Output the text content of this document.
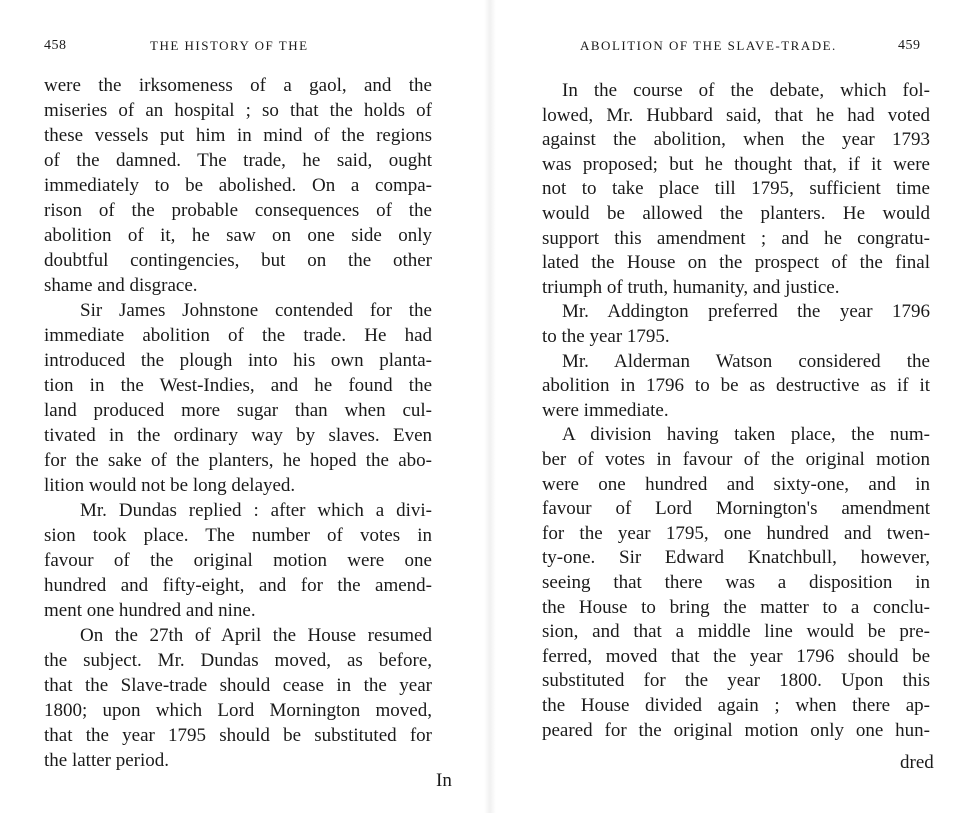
458	THE HISTORY OF THE
were the irksomeness of a gaol, and the
miseries of an hospital ; so that the holds of
these vessels put him in mind of the regions
of the damned. The trade, he said, ought
immediately to be abolished. On a compa-
rison of the probable consequences of the
abolition of it, he saw on one side only
doubtful contingencies, but on the other
shame and disgrace.
Sir James Johnstone contended for the
immediate abolition of the trade. He had
introduced the plough into his own planta-
tion in the West-Indies, and he found the
land produced more sugar than when cul-
tivated in the ordinary way by slaves. Even
for the sake of the planters, he hoped the abo-
lition would not be long delayed.
Mr. Dundas replied : after which a divi-
sion took place. The number of votes in
favour of the original motion were one
hundred and fifty-eight, and for the amend-
ment one hundred and nine.
On the 27th of April the House resumed
the subject. Mr. Dundas moved, as before,
that the Slave-trade should cease in the year
1800; upon which Lord Mornington moved,
that the year 1795 should be substituted for
the latter period.
In
ABOLITION OF THE SLAVE-TRADE.	459
In the course of the debate, which fol-
lowed, Mr. Hubbard said, that he had voted
against the abolition, when the year 1793
was proposed; but he thought that, if it were
not to take place till 1795, sufficient time
would be allowed the planters. He would
support this amendment ; and he congratu-
lated the House on the prospect of the final
triumph of truth, humanity, and justice.
Mr. Addington preferred the year 1796
to the year 1795.
Mr. Alderman Watson considered the
abolition in 1796 to be as destructive as if it
were immediate.
A division having taken place, the num-
ber of votes in favour of the original motion
were one hundred and sixty-one, and in
favour of Lord Mornington's amendment
for the year 1795, one hundred and twen-
ty-one. Sir Edward Knatchbull, however,
seeing that there was a disposition in
the House to bring the matter to a conclu-
sion, and that a middle line would be pre-
ferred, moved that the year 1796 should be
substituted for the year 1800. Upon this
the House divided again ; when there ap-
peared for the original motion only one hun-
dred
